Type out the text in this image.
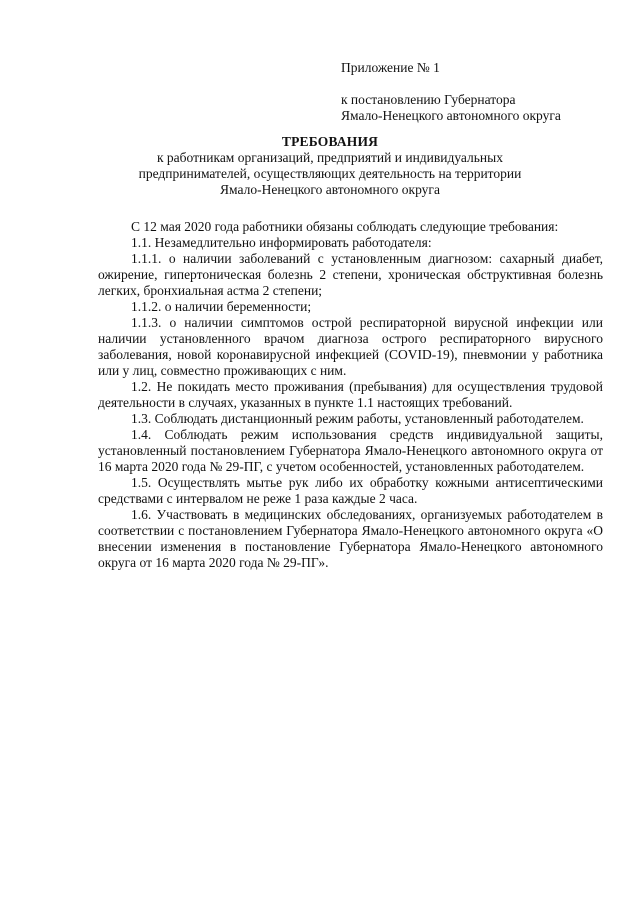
Приложение № 1
к постановлению Губернатора
Ямало-Ненецкого автономного округа
ТРЕБОВАНИЯ
к работникам организаций, предприятий и индивидуальных
предпринимателей, осуществляющих деятельность на территории
Ямало-Ненецкого автономного округа

С 12 мая 2020 года работники обязаны соблюдать следующие требования:

1.1. Незамедлительно информировать работодателя:

1.1.1. о наличии заболеваний с установленным диагнозом: сахарный диабет, ожирение, гипертоническая болезнь 2 степени, хроническая обструктивная болезнь легких, бронхиальная астма 2 степени;

1.1.2. о наличии беременности;

1.1.3. о наличии симптомов острой респираторной вирусной инфекции или наличии установленного врачом диагноза острого респираторного вирусного заболевания, новой коронавирусной инфекцией (COVID-19), пневмонии у работника или у лиц, совместно проживающих с ним.

1.2. Не покидать место проживания (пребывания) для осуществления трудовой деятельности в случаях, указанных в пункте 1.1 настоящих требований.

1.3. Соблюдать дистанционный режим работы, установленный работодателем.

1.4. Соблюдать режим использования средств индивидуальной защиты, установленный постановлением Губернатора Ямало-Ненецкого автономного округа от 16 марта 2020 года № 29-ПГ, с учетом особенностей, установленных работодателем.

1.5. Осуществлять мытье рук либо их обработку кожными антисептическими средствами с интервалом не реже 1 раза каждые 2 часа.

1.6. Участвовать в медицинских обследованиях, организуемых работодателем в соответствии с постановлением Губернатора Ямало-Ненецкого автономного округа «О внесении изменения в постановление Губернатора Ямало-Ненецкого автономного округа от 16 марта 2020 года № 29-ПГ».
